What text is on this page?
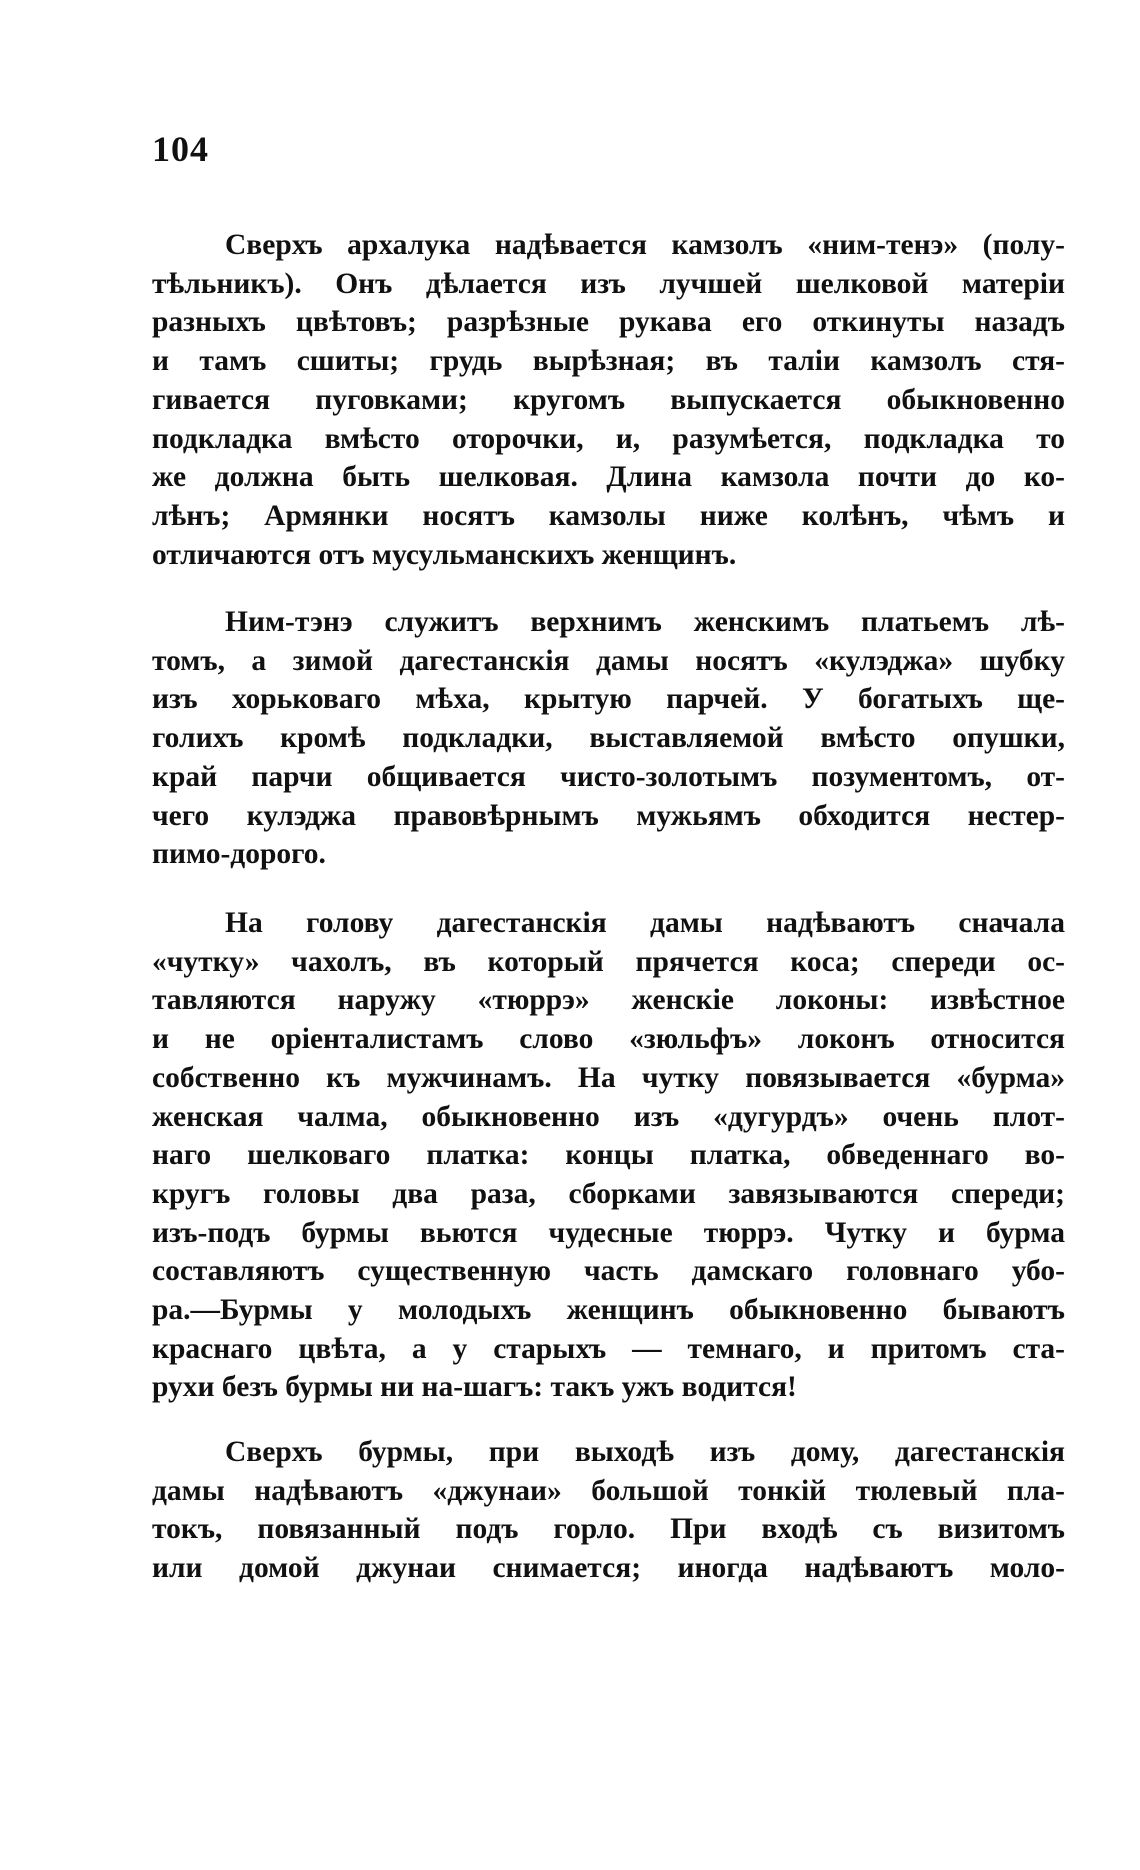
104
Сверхъ архалука надѣвается камзолъ «ним-тенэ» (полу-
тѣльникъ). Онъ дѣлается изъ лучшей шелковой матеріи
разныхъ цвѣтовъ; разрѣзные рукава его откинуты назадъ
и тамъ сшиты; грудь вырѣзная; въ таліи камзолъ стя-
гивается пуговками; кругомъ выпускается обыкновенно
подкладка вмѣсто оторочки, и, разумѣется, подкладка то
же должна быть шелковая. Длина камзола почти до ко-
лѣнъ; Армянки носятъ камзолы ниже колѣнъ, чѣмъ и
отличаются отъ мусульманскихъ женщинъ.
Ним-тэнэ служитъ верхнимъ женскимъ платьемъ лѣ-
томъ, а зимой дагестанскія дамы носятъ «кулэджа» шубку
изъ хорьковаго мѣха, крытую парчей. У богатыхъ ще-
голихъ кромѣ подкладки, выставляемой вмѣсто опушки,
край парчи общивается чисто-золотымъ позументомъ, от-
чего кулэджа правовѣрнымъ мужьямъ обходится нестер-
пимо-дорого.
На голову дагестанскія дамы надѣваютъ сначала
«чутку» чахолъ, въ который прячется коса; спереди ос-
тавляются наружу «тюррэ» женскіе локоны: извѣстное
и не оріенталистамъ слово «зюльфъ» локонъ относится
собственно къ мужчинамъ. На чутку повязывается «бурма»
женская чалма, обыкновенно изъ «дугурдъ» очень плот-
наго шелковаго платка: концы платка, обведеннаго во-
кругъ головы два раза, сборками завязываются спереди;
изъ-подъ бурмы вьются чудесные тюррэ. Чутку и бурма
составляютъ существенную часть дамскаго головнаго убо-
ра.—Бурмы у молодыхъ женщинъ обыкновенно бываютъ
краснаго цвѣта, а у старыхъ — темнаго, и притомъ ста-
рухи безъ бурмы ни на-шагъ: такъ ужъ водится!
Сверхъ бурмы, при выходѣ изъ дому, дагестанскія
дамы надѣваютъ «джунаи» большой тонкій тюлевый пла-
токъ, повязанный подъ горло. При входѣ съ визитомъ
или домой джунаи снимается; иногда надѣваютъ моло-
